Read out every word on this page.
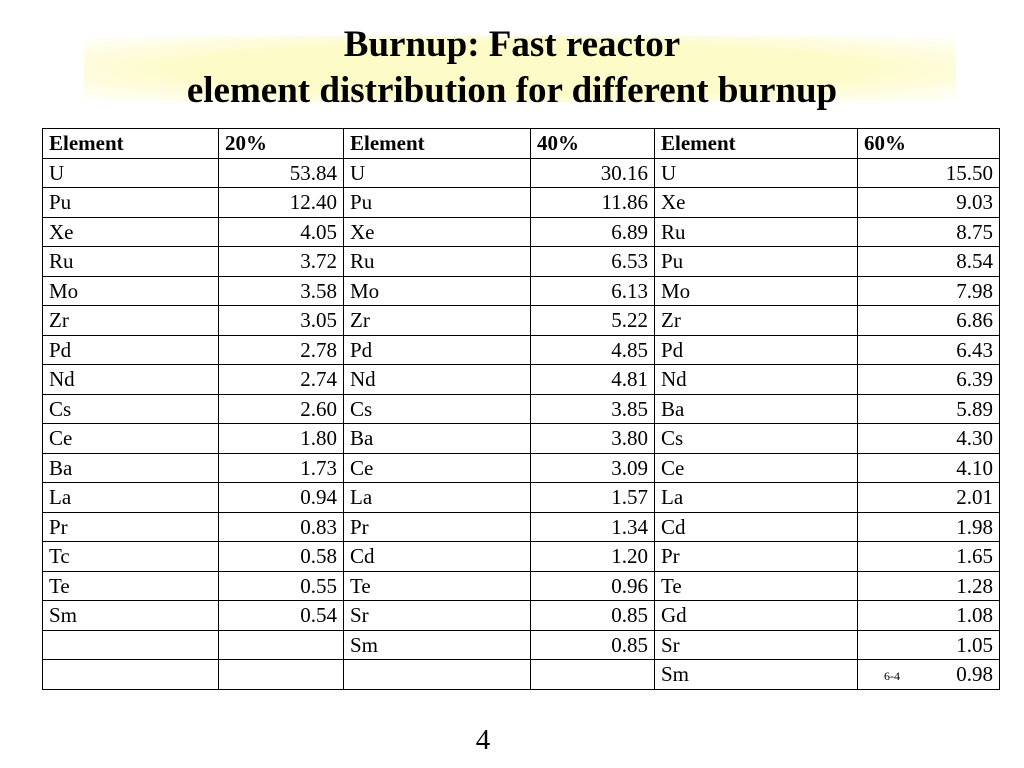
Burnup: Fast reactor
element distribution for different burnup
Element	20%	Element	40%	Element	60%
U	53.84	U	30.16	U	15.50
Pu	12.40	Pu	11.86	Xe	9.03
Xe	4.05	Xe	6.89	Ru	8.75
Ru	3.72	Ru	6.53	Pu	8.54
Mo	3.58	Mo	6.13	Mo	7.98
Zr	3.05	Zr	5.22	Zr	6.86
Pd	2.78	Pd	4.85	Pd	6.43
Nd	2.74	Nd	4.81	Nd	6.39
Cs	2.60	Cs	3.85	Ba	5.89
Ce	1.80	Ba	3.80	Cs	4.30
Ba	1.73	Ce	3.09	Ce	4.10
La	0.94	La	1.57	La	2.01
Pr	0.83	Pr	1.34	Cd	1.98
Tc	0.58	Cd	1.20	Pr	1.65
Te	0.55	Te	0.96	Te	1.28
Sm	0.54	Sr	0.85	Gd	1.08
		Sm	0.85	Sr	1.05
				Sm	6-4 0.98
4
